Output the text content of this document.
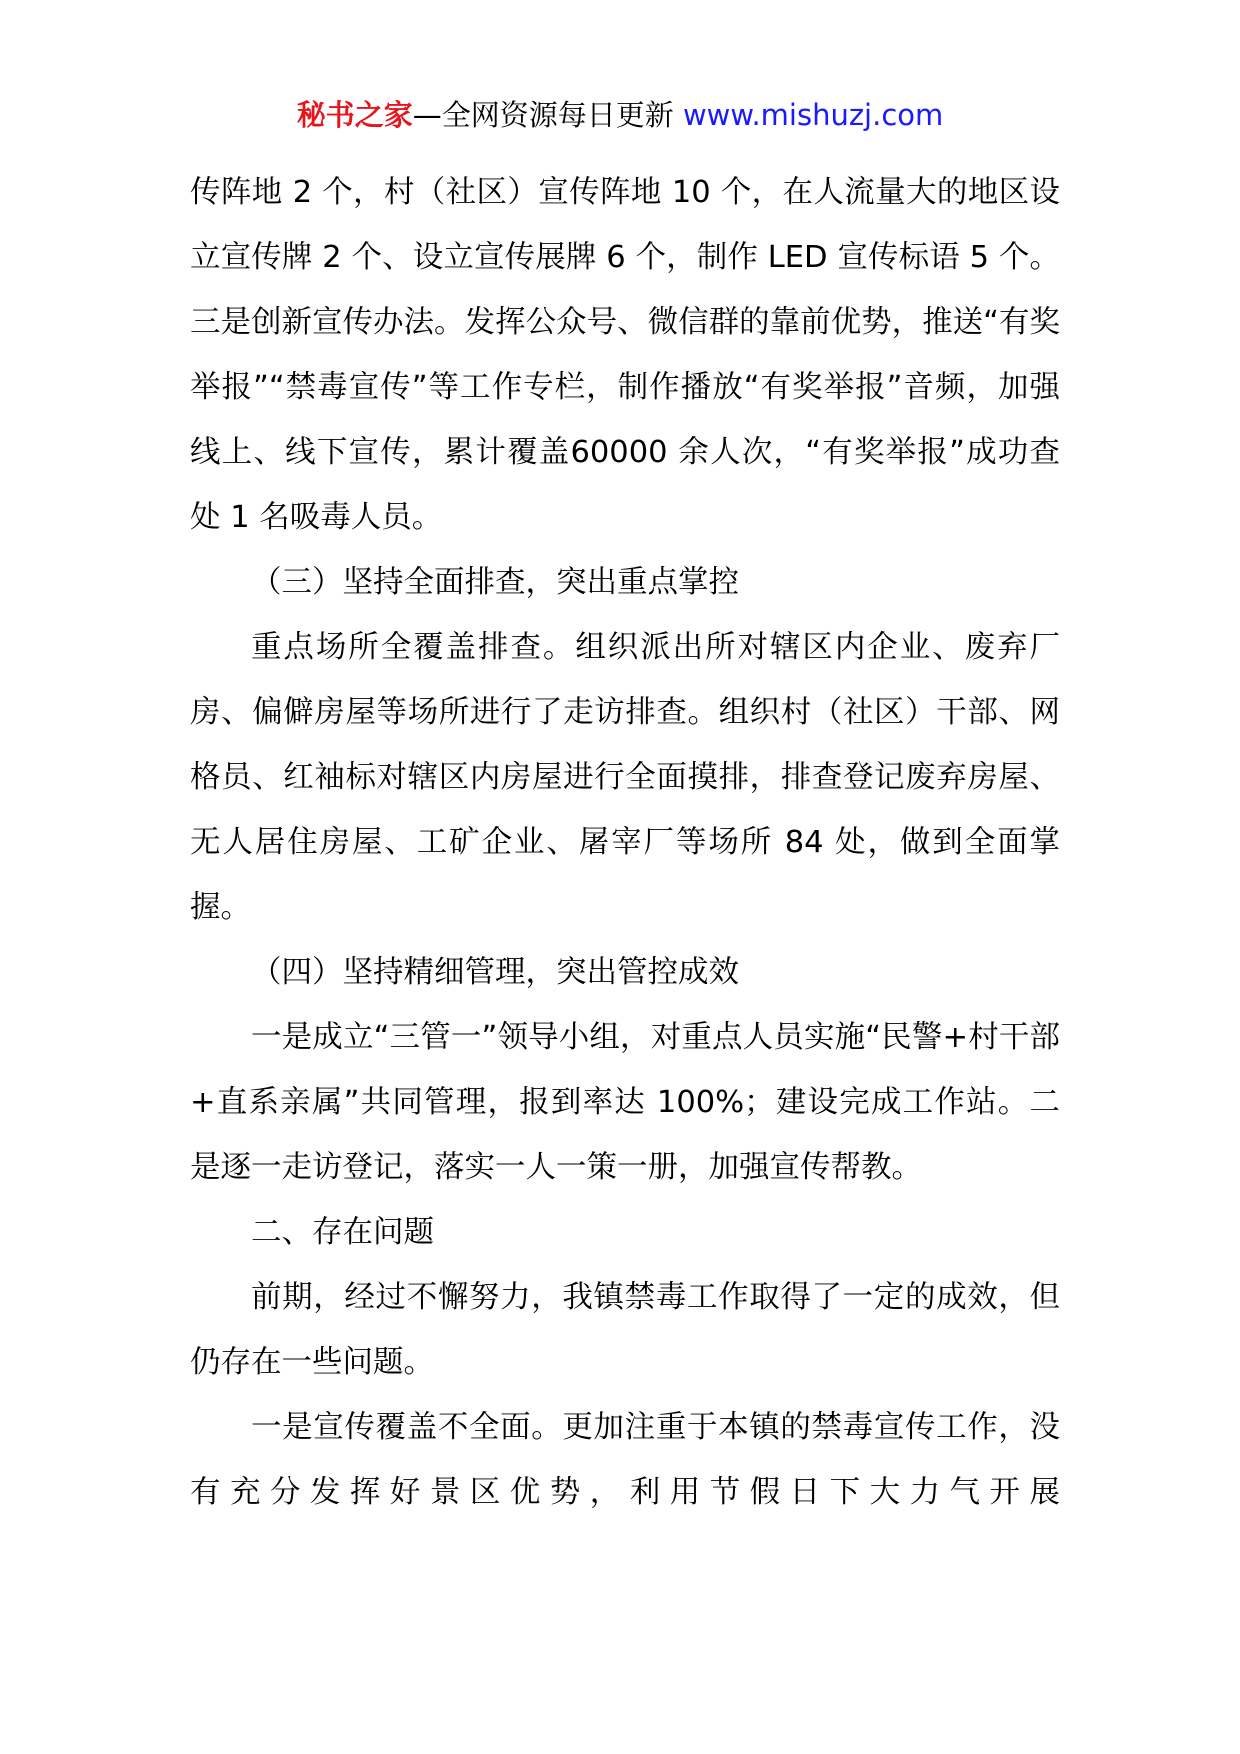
秘书之家—全网资源每日更新 www.mishuzj.com

传阵地 2 个，村（社区）宣传阵地 10 个，在人流量大的地区设立宣传牌 2 个、设立宣传展牌 6 个，制作 LED 宣传标语 5 个。三是创新宣传办法。发挥公众号、微信群的靠前优势，推送“有奖举报”“禁毒宣传”等工作专栏，制作播放“有奖举报”音频，加强线上、线下宣传，累计覆盖60000 余人次，“有奖举报”成功查处 1 名吸毒人员。

（三）坚持全面排查，突出重点掌控

重点场所全覆盖排查。组织派出所对辖区内企业、废弃厂房、偏僻房屋等场所进行了走访排查。组织村（社区）干部、网格员、红袖标对辖区内房屋进行全面摸排，排查登记废弃房屋、无人居住房屋、工矿企业、屠宰厂等场所 84 处，做到全面掌握。

（四）坚持精细管理，突出管控成效

一是成立“三管一”领导小组，对重点人员实施“民警+村干部+直系亲属”共同管理，报到率达 100%；建设完成工作站。二是逐一走访登记，落实一人一策一册，加强宣传帮教。

二、存在问题

前期，经过不懈努力，我镇禁毒工作取得了一定的成效，但仍存在一些问题。

一是宣传覆盖不全面。更加注重于本镇的禁毒宣传工作，没有充分发挥好景区优势，利用节假日下大力气开展
